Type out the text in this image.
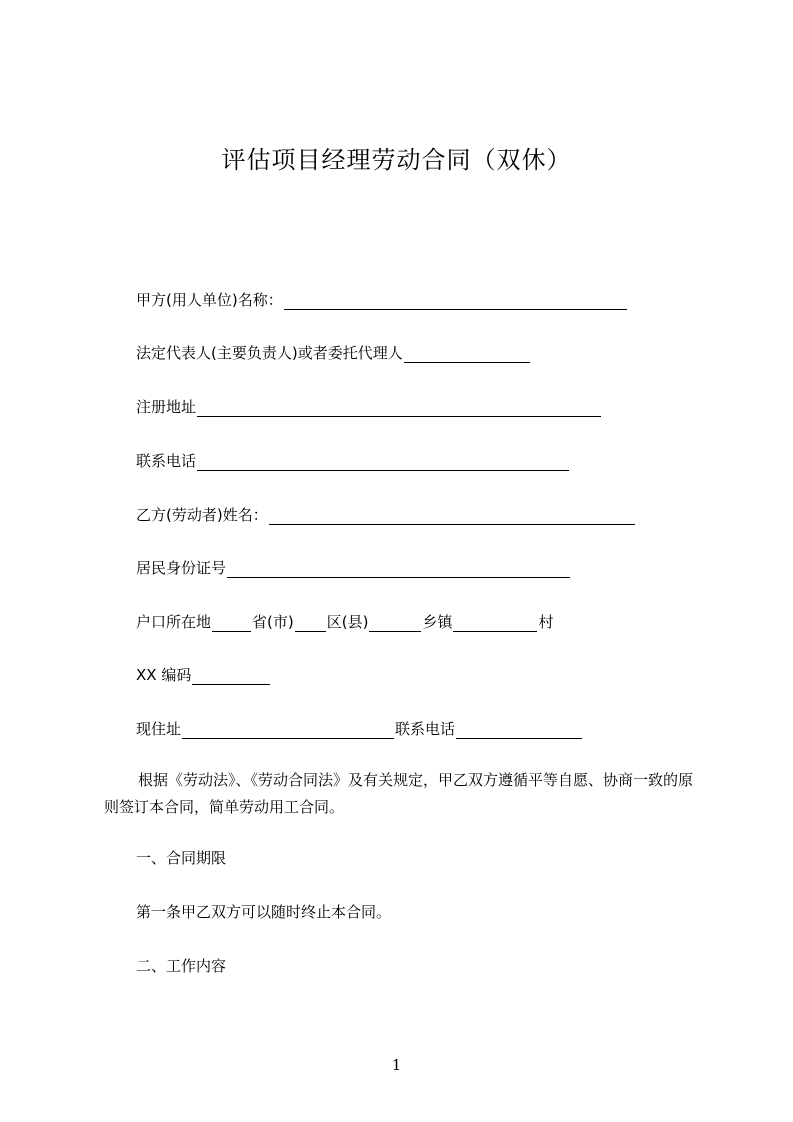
评估项目经理劳动合同（双休）
甲方(用人单位)名称：
法定代表人(主要负责人)或者委托代理人
注册地址
联系电话
乙方(劳动者)姓名：
居民身份证号
户口所在地	省(市) 区(县)	乡镇	村
XX 编码
现住址	联系电话
根据《劳动法》、《劳动合同法》及有关规定，甲乙双方遵循平等自愿、协商一致的原则签订本合同，简单劳动用工合同。
一、合同期限
第一条甲乙双方可以随时终止本合同。
二、工作内容
1
